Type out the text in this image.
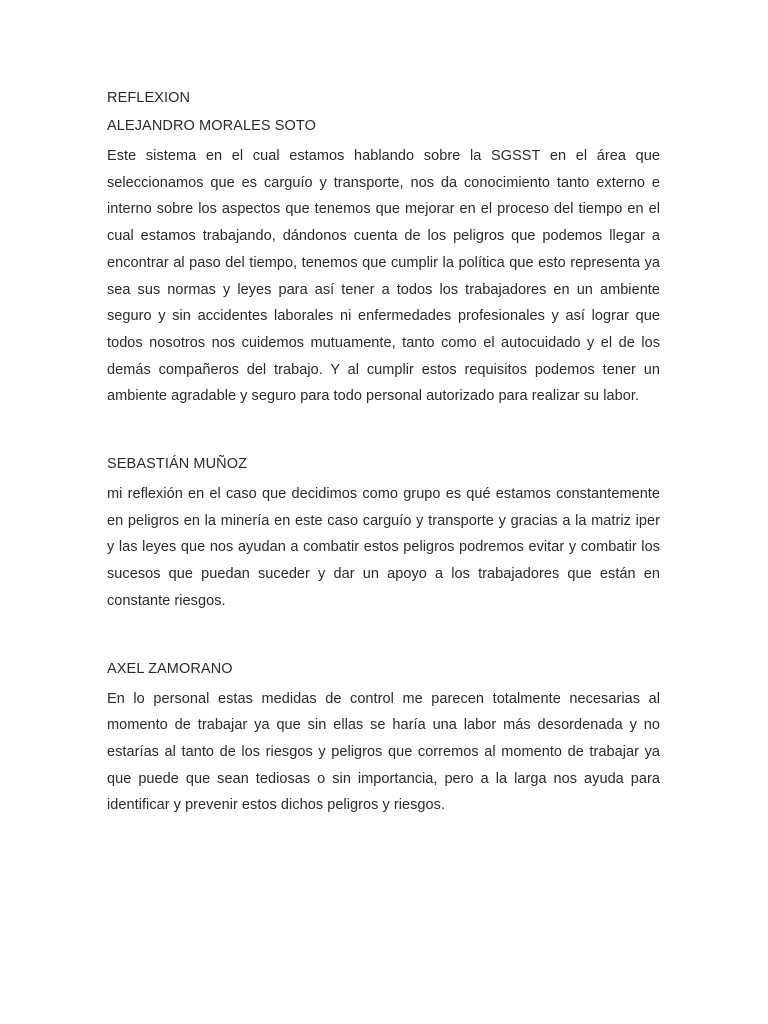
REFLEXION
ALEJANDRO MORALES SOTO

Este sistema en el cual estamos hablando sobre la SGSST en el área que seleccionamos que es carguío y transporte, nos da conocimiento tanto externo e interno sobre los aspectos que tenemos que mejorar en el proceso del tiempo en el cual estamos trabajando, dándonos cuenta de los peligros que podemos llegar a encontrar al paso del tiempo, tenemos que cumplir la política que esto representa ya sea sus normas y leyes para así tener a todos los trabajadores en un ambiente seguro y sin accidentes laborales ni enfermedades profesionales y así lograr que todos nosotros nos cuidemos mutuamente, tanto como el autocuidado y el de los demás compañeros del trabajo. Y al cumplir estos requisitos podemos tener un ambiente agradable y seguro para todo personal autorizado para realizar su labor.

SEBASTIÁN MUÑOZ

mi reflexión en el caso que decidimos como grupo es qué estamos constantemente en peligros en la minería en este caso carguío y transporte y gracias a la matriz iper y las leyes que nos ayudan a combatir estos peligros podremos evitar y combatir los sucesos que puedan suceder y dar un apoyo a los trabajadores que están en constante riesgos.

AXEL ZAMORANO

En lo personal estas medidas de control me parecen totalmente necesarias al momento de trabajar ya que sin ellas se haría una labor más desordenada y no estarías al tanto de los riesgos y peligros que corremos al momento de trabajar ya que puede que sean tediosas o sin importancia, pero a la larga nos ayuda para identificar y prevenir estos dichos peligros y riesgos.
